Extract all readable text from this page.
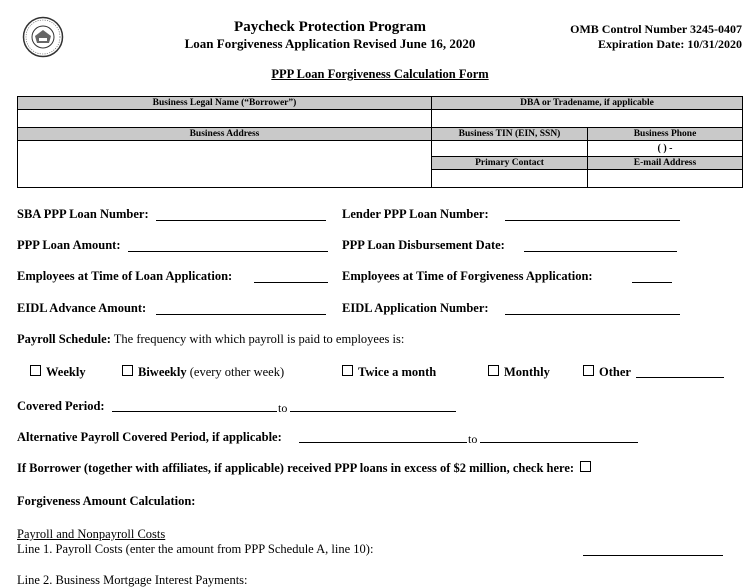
Paycheck Protection Program
Loan Forgiveness Application Revised June 16, 2020
OMB Control Number 3245-0407
Expiration Date: 10/31/2020
PPP Loan Forgiveness Calculation Form
Business Legal Name (“Borrower”)	DBA or Tradename, if applicable	

Business Address	Business TIN (EIN, SSN)	Business Phone
		( ) -
	Primary Contact	E-mail Address

SBA PPP Loan Number:	Lender PPP Loan Number:
PPP Loan Amount:	PPP Loan Disbursement Date:
Employees at Time of Loan Application:	Employees at Time of Forgiveness Application:
EIDL Advance Amount:	EIDL Application Number:
Payroll Schedule: The frequency with which payroll is paid to employees is:
Weekly	Biweekly (every other week)	Twice a month	Monthly	Other
Covered Period:	to
Alternative Payroll Covered Period, if applicable:	to
If Borrower (together with affiliates, if applicable) received PPP loans in excess of $2 million, check here:
Forgiveness Amount Calculation:
Payroll and Nonpayroll Costs
Line 1. Payroll Costs (enter the amount from PPP Schedule A, line 10):
Line 2. Business Mortgage Interest Payments:
